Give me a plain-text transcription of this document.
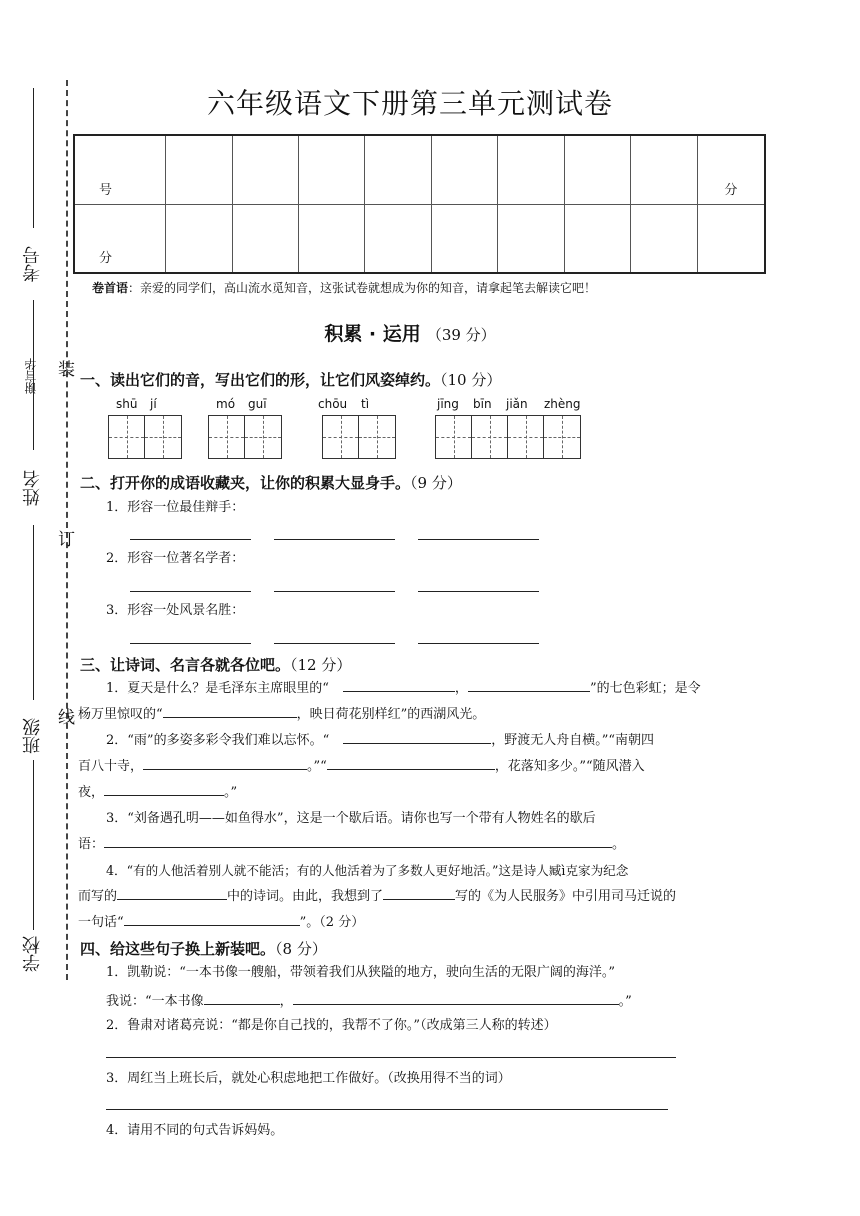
考号
姓名
班级
学校
谢言华 装
订
线
六年级语文下册第三单元测试卷
号									分
分									
卷首语：亲爱的同学们，高山流水觅知音，这张试卷就想成为你的知音，请拿起笔去解读它吧！
积累 · 运用 （39 分）
一、读出它们的音，写出它们的形，让它们风姿绰约。（10 分）
shū jí	mó guī	chōu tì	jīng bīn jiǎn zhèng
二、打开你的成语收藏夹，让你的积累大显身手。（9 分）
1．形容一位最佳辩手：
2．形容一位著名学者：
3．形容一处风景名胜：
三、让诗词、名言各就各位吧。（12 分）

1．夏天是什么？是毛泽东主席眼里的“	，	”的七色彩虹；是令

杨万里惊叹的“	，映日荷花别样红”的西湖风光。

2．“雨”的多姿多彩令我们难以忘怀。“	，野渡无人舟自横。”“南朝四

百八十寺，	。”“	，花落知多少。”“随风潜入

夜，	。”

3．“刘备遇孔明——如鱼得水”，这是一个歇后语。请你也写一个带有人物姓名的歇后

语：	。

4．“有的人他活着别人就不能活；有的人他活着为了多数人更好地活。”这是诗人臧ì克家为纪念

而写的	中的诗词。由此，我想到了	写的《为人民服务》中引用司马迁说的

一句话“	”。（2 分）

四、给这些句子换上新装吧。（8 分）
1．凯勒说：“一本书像一艘船，带领着我们从狭隘的地方，驶向生活的无限广阔的海洋。”
我说：“一本书像	，	。”
2．鲁肃对诸葛亮说：“都是你自己找的，我帮不了你。”（改成第三人称的转述）
3．周红当上班长后，就处心积虑地把工作做好。（改换用得不当的词）
4．请用不同的句式告诉妈妈。
